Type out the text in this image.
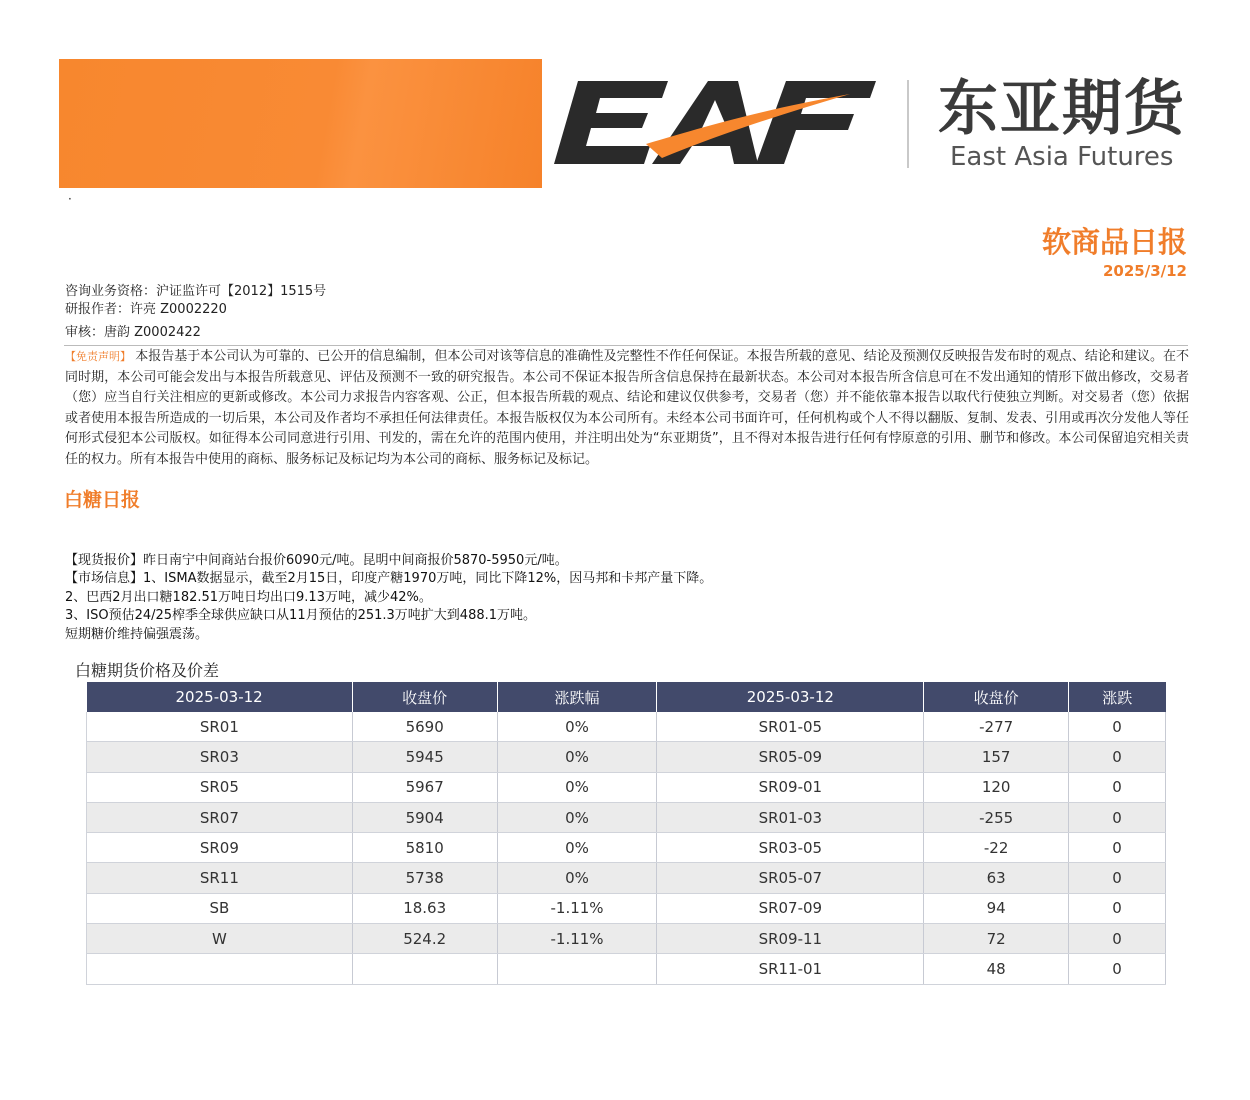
东亚期货
East Asia Futures
·
软商品日报
2025/3/12
咨询业务资格：沪证监许可【2012】1515号
研报作者：许亮 Z0002220
审核：唐韵 Z0002422
【免责声明】 本报告基于本公司认为可靠的、已公开的信息编制，但本公司对该等信息的准确性及完整性不作任何保证。本报告所载的意见、结论及预测仅反映报告发布时的观点、结论和建议。在不同时期，本公司可能会发出与本报告所载意见、评估及预测不一致的研究报告。本公司不保证本报告所含信息保持在最新状态。本公司对本报告所含信息可在不发出通知的情形下做出修改，交易者（您）应当自行关注相应的更新或修改。本公司力求报告内容客观、公正，但本报告所载的观点、结论和建议仅供参考，交易者（您）并不能依靠本报告以取代行使独立判断。对交易者（您）依据或者使用本报告所造成的一切后果，本公司及作者均不承担任何法律责任。本报告版权仅为本公司所有。未经本公司书面许可，任何机构或个人不得以翻版、复制、发表、引用或再次分发他人等任何形式侵犯本公司版权。如征得本公司同意进行引用、刊发的，需在允许的范围内使用，并注明出处为“东亚期货”，且不得对本报告进行任何有悖原意的引用、删节和修改。本公司保留追究相关责任的权力。所有本报告中使用的商标、服务标记及标记均为本公司的商标、服务标记及标记。
白糖日报
【现货报价】昨日南宁中间商站台报价6090元/吨。昆明中间商报价5870-5950元/吨。
【市场信息】1、ISMA数据显示，截至2月15日，印度产糖1970万吨，同比下降12%，因马邦和卡邦产量下降。
2、巴西2月出口糖182.51万吨日均出口9.13万吨，减少42%。
3、ISO预估24/25榨季全球供应缺口从11月预估的251.3万吨扩大到488.1万吨。
短期糖价维持偏强震荡。
白糖期货价格及价差
2025-03-12	收盘价	涨跌幅	2025-03-12	收盘价	涨跌
SR01	5690	0%	SR01-05	-277	0
SR03	5945	0%	SR05-09	157	0
SR05	5967	0%	SR09-01	120	0
SR07	5904	0%	SR01-03	-255	0
SR09	5810	0%	SR03-05	-22	0
SR11	5738	0%	SR05-07	63	0
SB	18.63	-1.11%	SR07-09	94	0
W	524.2	-1.11%	SR09-11	72	0
			SR11-01	48	0
